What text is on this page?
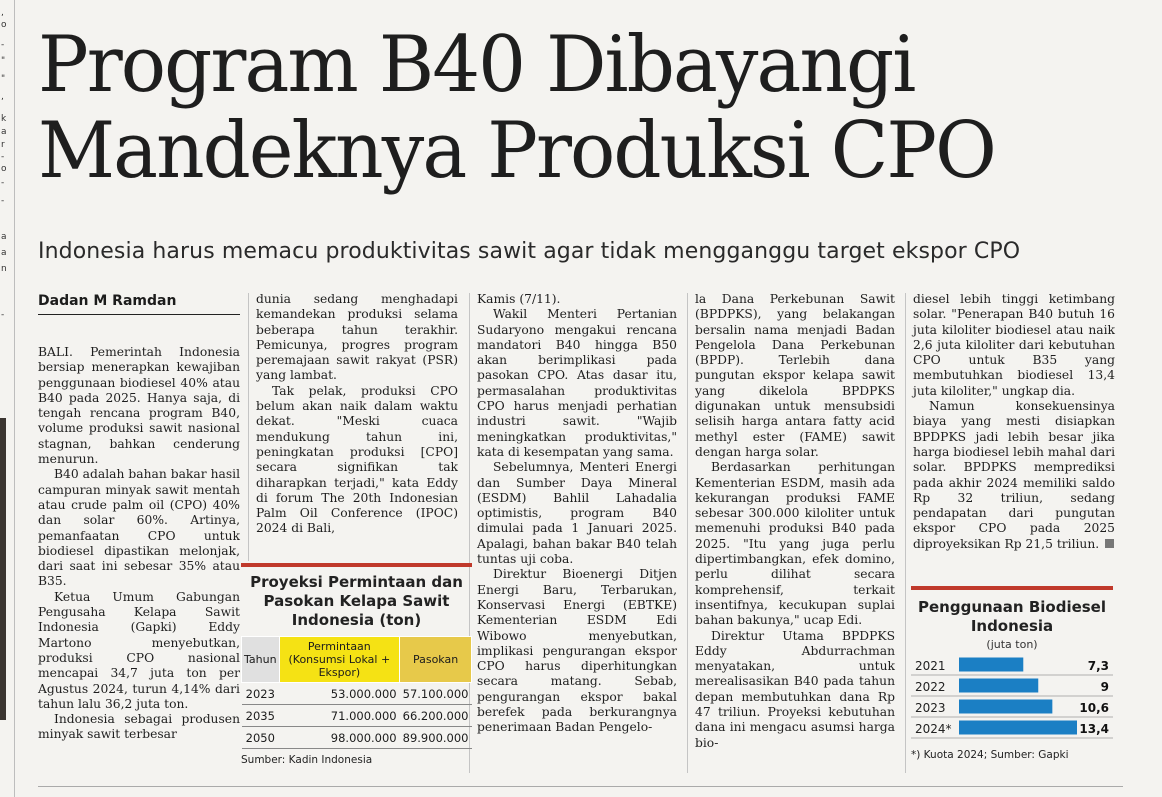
,
o
-
"
"
,
k
a
r
-
o
-
-
a
a
n
-
Program B40 Dibayangi Mandeknya Produksi CPO
Indonesia harus memacu produktivitas sawit agar tidak mengganggu target ekspor CPO
Dadan M Ramdan

BALI. Pemerintah Indonesia bersiap menerapkan kewajiban penggunaan biodiesel 40% atau B40 pada 2025. Hanya saja, di tengah rencana program B40, volume produksi sawit nasional stagnan, bahkan cenderung menurun.

B40 adalah bahan bakar hasil campuran minyak sawit mentah atau crude palm oil (CPO) 40% dan solar 60%. Artinya, pemanfaatan CPO untuk biodiesel dipastikan melonjak, dari saat ini sebesar 35% atau B35.

Ketua Umum Gabungan Pengusaha Kelapa Sawit Indonesia (Gapki) Eddy Martono menyebutkan, produksi CPO nasional mencapai 34,7 juta ton per Agustus 2024, turun 4,14% dari tahun lalu 36,2 juta ton.

Indonesia sebagai produsen minyak sawit terbesar

dunia sedang menghadapi kemandekan produksi selama beberapa tahun terakhir. Pemicunya, progres program peremajaan sawit rakyat (PSR) yang lambat.

Tak pelak, produksi CPO belum akan naik dalam waktu dekat. "Meski cuaca mendukung tahun ini, peningkatan produksi [CPO] secara signifikan tak diharapkan terjadi," kata Eddy di forum The 20th Indonesian Palm Oil Conference (IPOC) 2024 di Bali,

Kamis (7/11).

Wakil Menteri Pertanian Sudaryono mengakui rencana mandatori B40 hingga B50 akan berimplikasi pada pasokan CPO. Atas dasar itu, permasalahan produktivitas CPO harus menjadi perhatian industri sawit. "Wajib meningkatkan produktivitas," kata di kesempatan yang sama.

Sebelumnya, Menteri Energi dan Sumber Daya Mineral (ESDM) Bahlil Lahadalia optimistis, program B40 dimulai pada 1 Januari 2025. Apalagi, bahan bakar B40 telah tuntas uji coba.

Direktur Bioenergi Ditjen Energi Baru, Terbarukan, Konservasi Energi (EBTKE) Kementerian ESDM Edi Wibowo menyebutkan, implikasi pengurangan ekspor CPO harus diperhitungkan secara matang. Sebab, pengurangan ekspor bakal berefek pada berkurangnya penerimaan Badan Pengelo-

la Dana Perkebunan Sawit (BPDPKS), yang belakangan bersalin nama menjadi Badan Pengelola Dana Perkebunan (BPDP). Terlebih dana pungutan ekspor kelapa sawit yang dikelola BPDPKS digunakan untuk mensubsidi selisih harga antara fatty acid methyl ester (FAME) sawit dengan harga solar.

Berdasarkan perhitungan Kementerian ESDM, masih ada kekurangan produksi FAME sebesar 300.000 kiloliter untuk memenuhi produksi B40 pada 2025. "Itu yang juga perlu dipertimbangkan, efek domino, perlu dilihat secara komprehensif, terkait insentifnya, kecukupan suplai bahan bakunya," ucap Edi.

Direktur Utama BPDPKS Eddy Abdurrachman menyatakan, untuk merealisasikan B40 pada tahun depan membutuhkan dana Rp 47 triliun. Proyeksi kebutuhan dana ini mengacu asumsi harga bio-

diesel lebih tinggi ketimbang solar. "Penerapan B40 butuh 16 juta kiloliter biodiesel atau naik 2,6 juta kiloliter dari kebutuhan CPO untuk B35 yang membutuhkan biodiesel 13,4 juta kiloliter," ungkap dia.

Namun konsekuensinya biaya yang mesti disiapkan BPDPKS jadi lebih besar jika harga biodiesel lebih mahal dari solar. BPDPKS memprediksi pada akhir 2024 memiliki saldo Rp 32 triliun, sedang pendapatan dari pungutan ekspor CPO pada 2025 diproyeksikan Rp 21,5 triliun.

Proyeksi Permintaan dan Pasokan Kelapa Sawit Indonesia (ton)
Tahun	Permintaan (Konsumsi Lokal + Ekspor)	Pasokan
2023	53.000.000	57.100.000
2035	71.000.000	66.200.000
2050	98.000.000	89.900.000
Sumber: Kadin Indonesia
Penggunaan Biodiesel Indonesia
(juta ton)
2021	7,3
2022	9
2023	10,6
2024*	13,4
*) Kuota 2024; Sumber: Gapki
